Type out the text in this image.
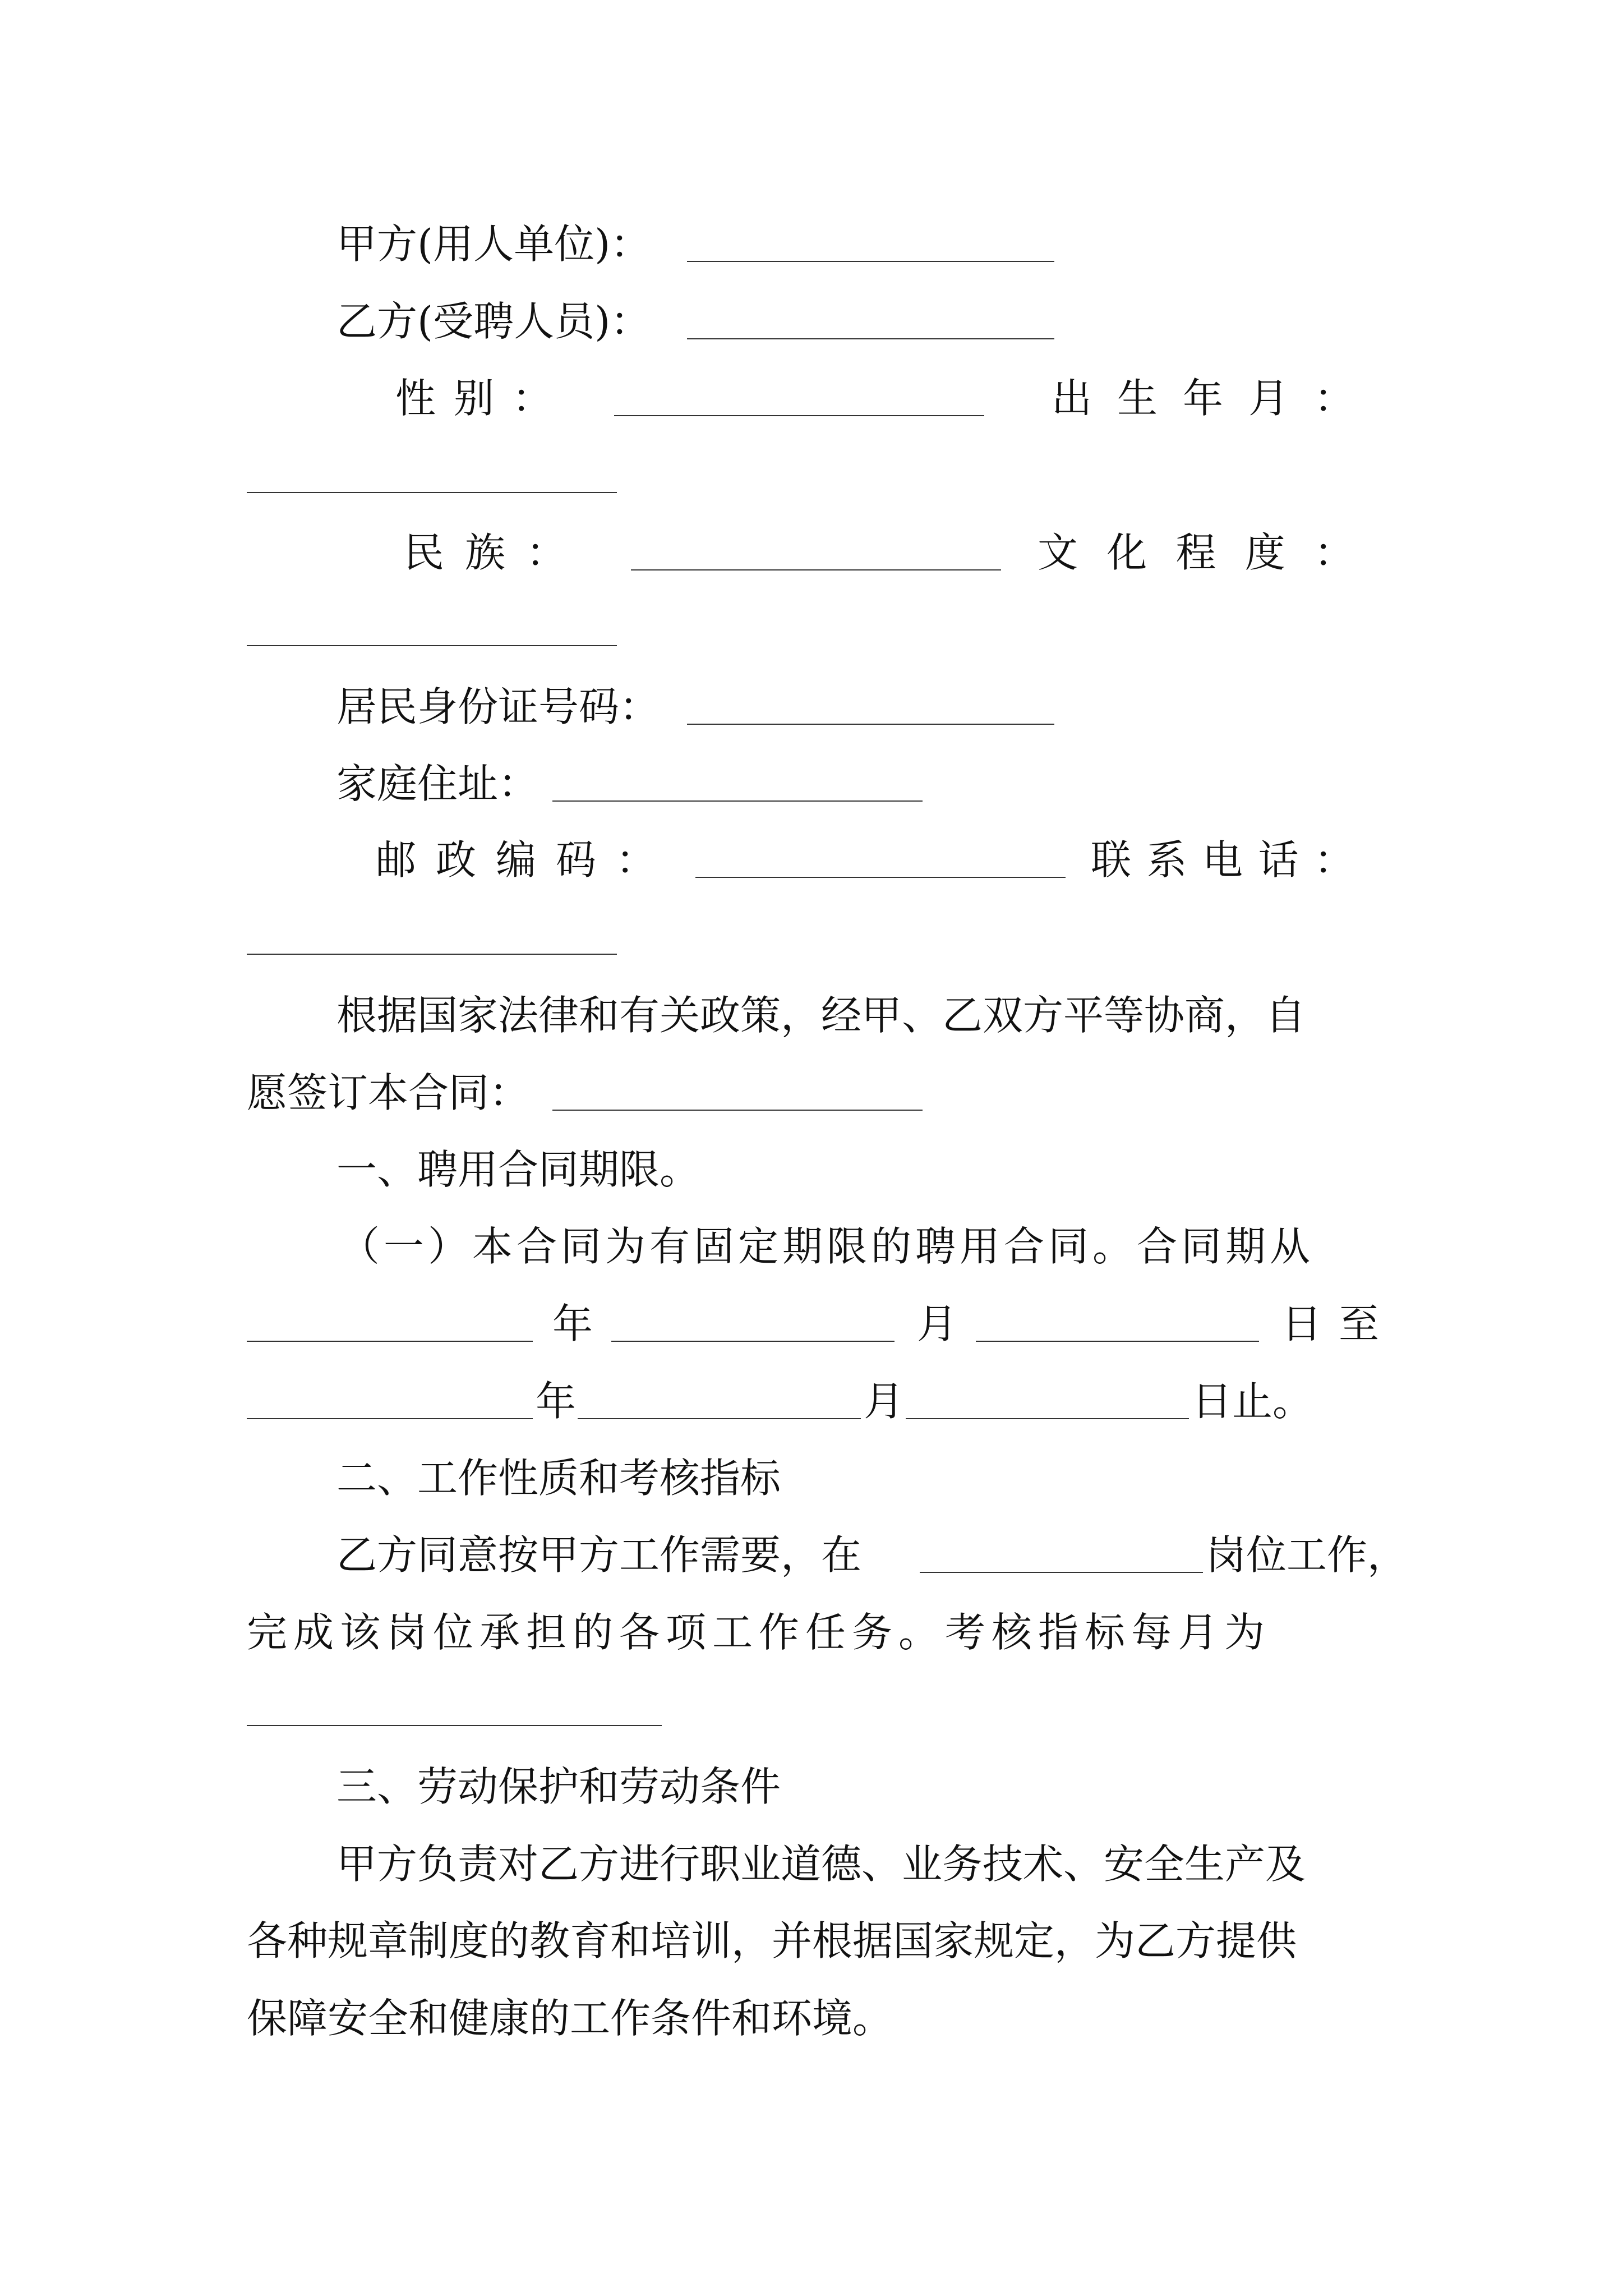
甲方(用人单位)：
乙方(受聘人员)：
性 别 ：	出 生 年 月 ：
民 族 ：	文 化 程 度 ：
居民身份证号码：
家庭住址：
邮 政 编 码 ：	联 系 电 话 ：
根据国家法律和有关政策，经甲、乙双方平等协商，自
愿签订本合同：
一、聘用合同期限。
（一）本合同为有固定期限的聘用合同。合同期从
年	月	日至
年	月	日止。
二、工作性质和考核指标
乙方同意按甲方工作需要，在	岗位工作，
完成该岗位承担的各项工作任务。考核指标每月为
三、劳动保护和劳动条件
甲方负责对乙方进行职业道德、业务技术、安全生产及
各种规章制度的教育和培训，并根据国家规定，为乙方提供
保障安全和健康的工作条件和环境。
